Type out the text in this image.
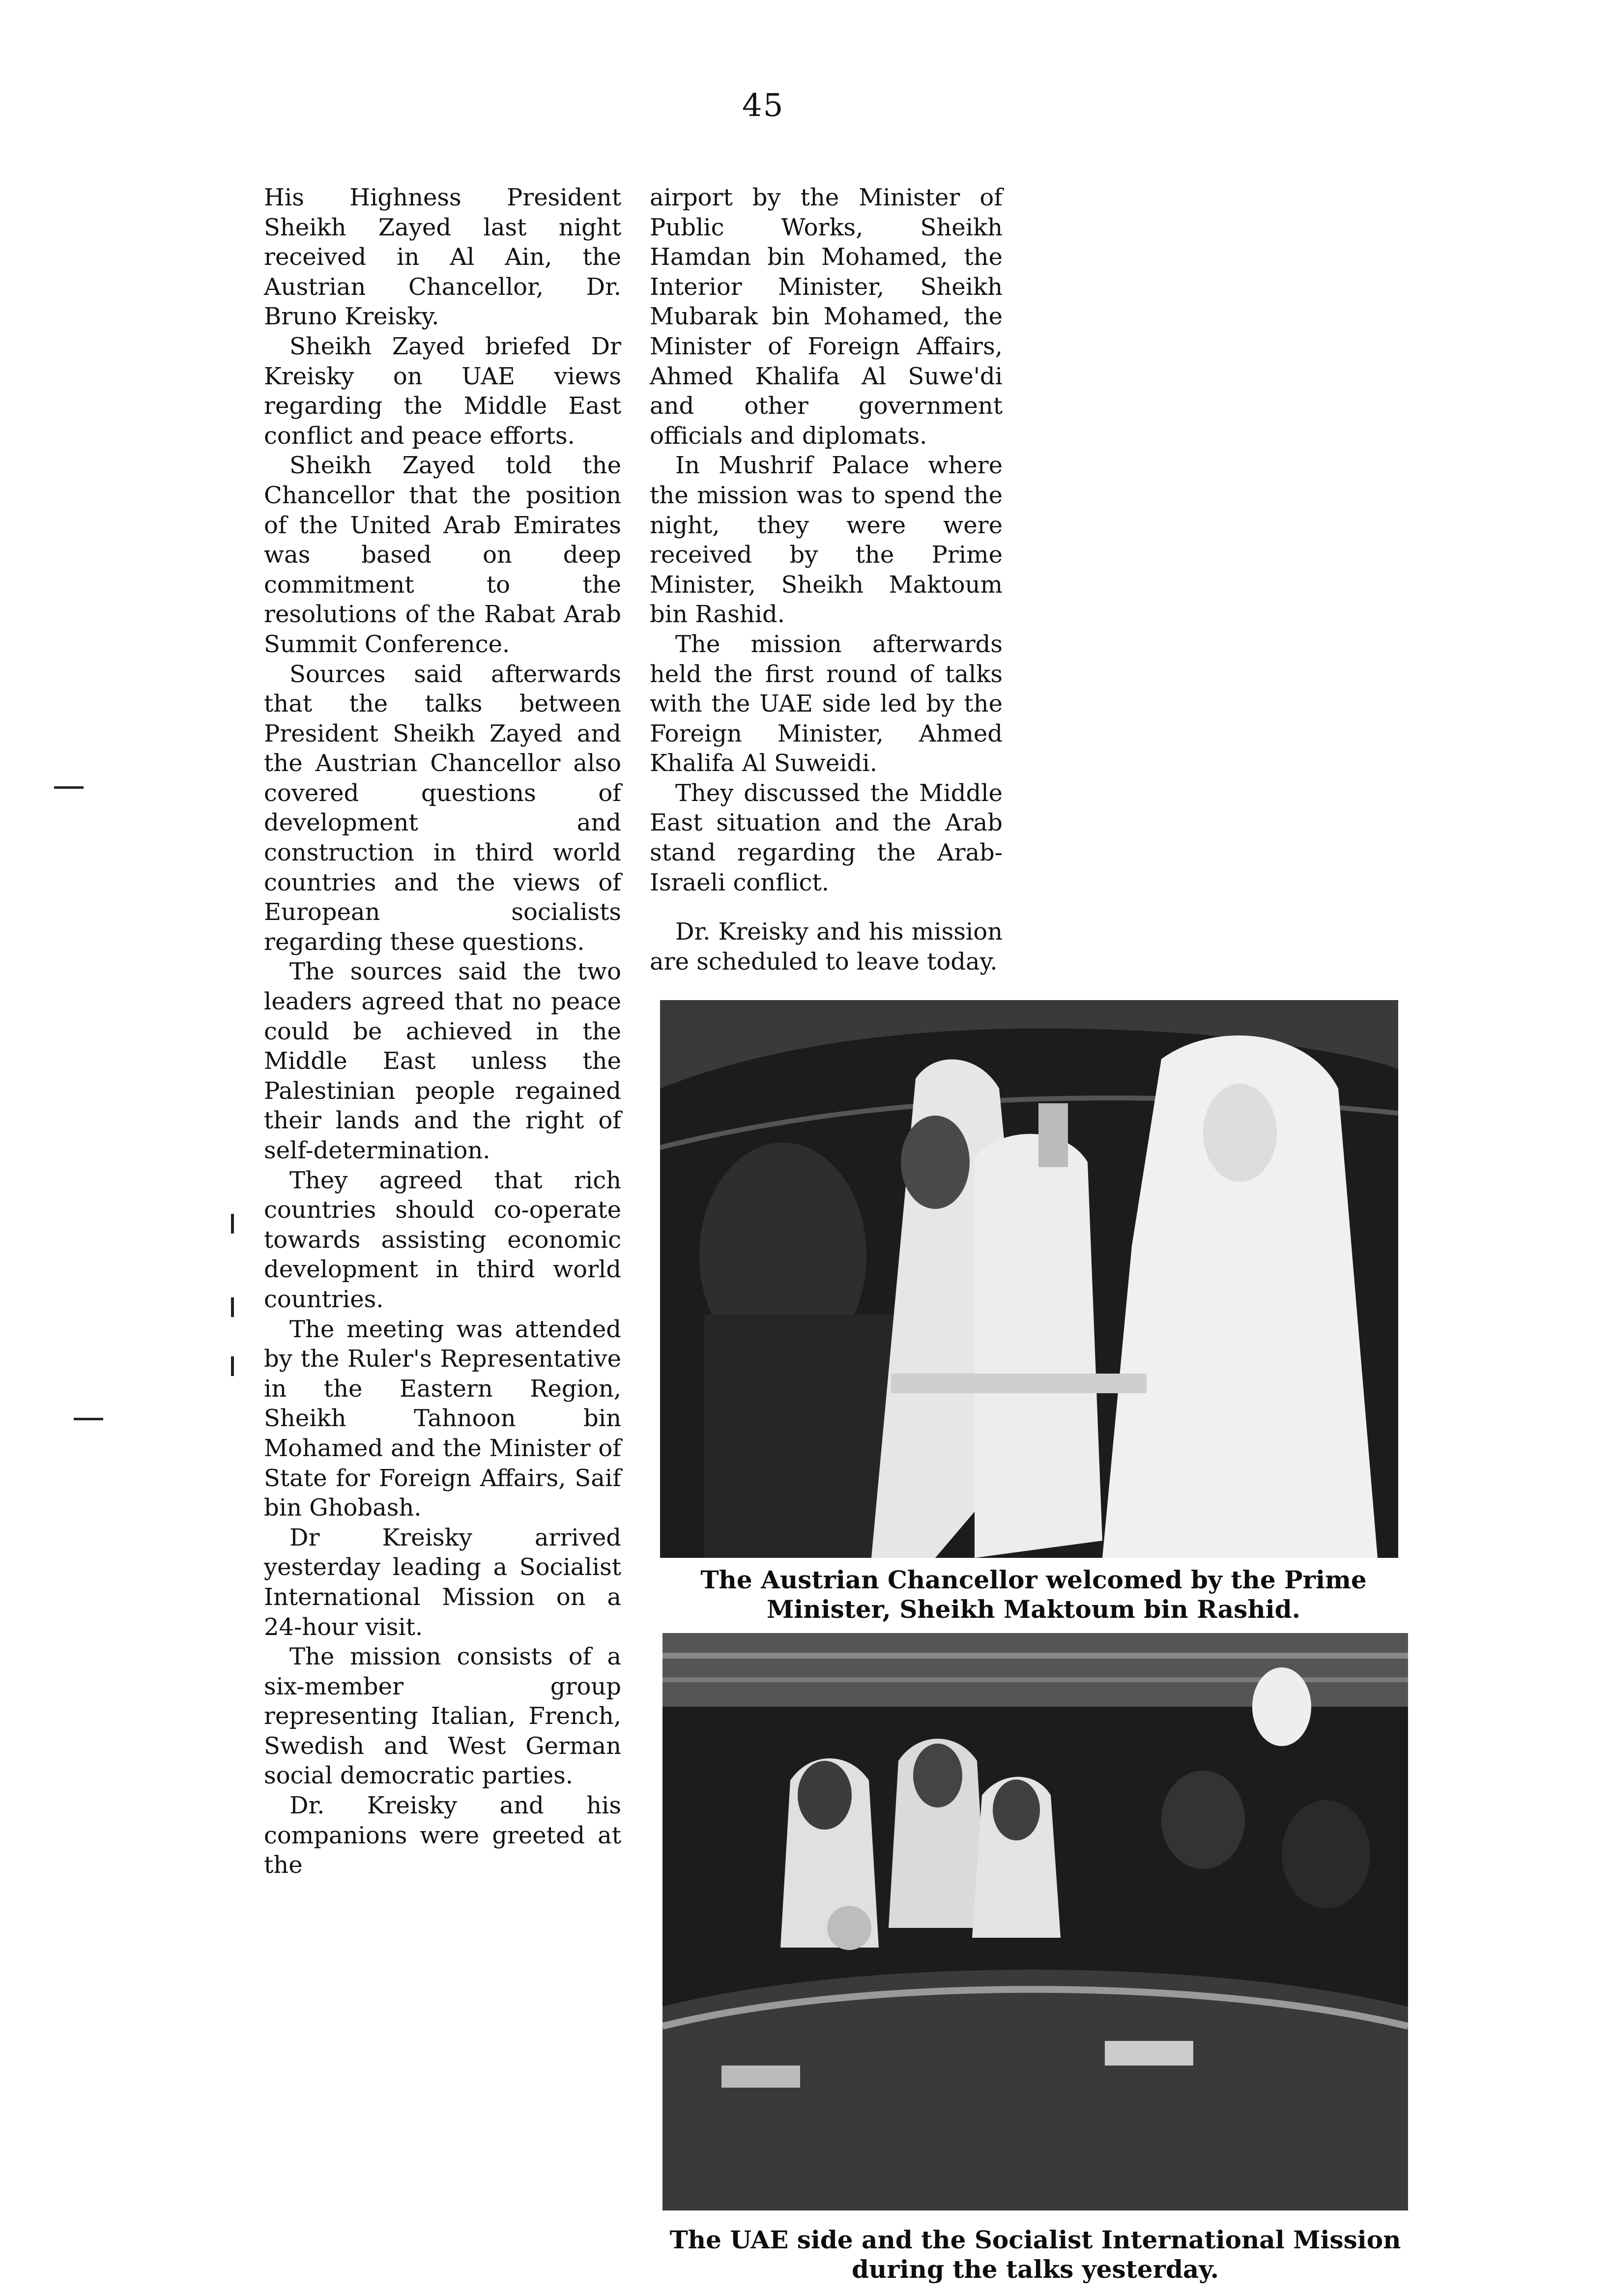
45

His Highness President Sheikh Zayed last night received in Al Ain, the Austrian Chancellor, Dr. Bruno Kreisky.

Sheikh Zayed briefed Dr Kreisky on UAE views regarding the Middle East conflict and peace efforts.

Sheikh Zayed told the Chancellor that the position of the United Arab Emirates was based on deep commitment to the resolutions of the Rabat Arab Summit Conference.

Sources said afterwards that the talks between President Sheikh Zayed and the Austrian Chancellor also covered questions of development and construction in third world countries and the views of European socialists regarding these questions.

The sources said the two leaders agreed that no peace could be achieved in the Middle East unless the Palestinian people regained their lands and the right of self-determination.

They agreed that rich countries should co-operate towards assisting economic development in third world countries.

The meeting was attended by the Ruler's Representative in the Eastern Region, Sheikh Tahnoon bin Mohamed and the Minister of State for Foreign Affairs, Saif bin Ghobash.

Dr Kreisky arrived yesterday leading a Socialist International Mission on a 24-hour visit.

The mission consists of a six-member group representing Italian, French, Swedish and West German social democratic parties.

Dr. Kreisky and his companions were greeted at the

airport by the Minister of Public Works, Sheikh Hamdan bin Mohamed, the Interior Minister, Sheikh Mubarak bin Mohamed, the Minister of Foreign Affairs, Ahmed Khalifa Al Suwe'di and other government officials and diplomats.

In Mushrif Palace where the mission was to spend the night, they were were received by the Prime Minister, Sheikh Maktoum bin Rashid.

The mission afterwards held the first round of talks with the UAE side led by the Foreign Minister, Ahmed Khalifa Al Suweidi.

They discussed the Middle East situation and the Arab stand regarding the Arab-Israeli conflict.

Dr. Kreisky and his mission are scheduled to leave today.

The Austrian Chancellor welcomed by the Prime Minister, Sheikh Maktoum bin Rashid.
The UAE side and the Socialist International Mission during the talks yesterday.
